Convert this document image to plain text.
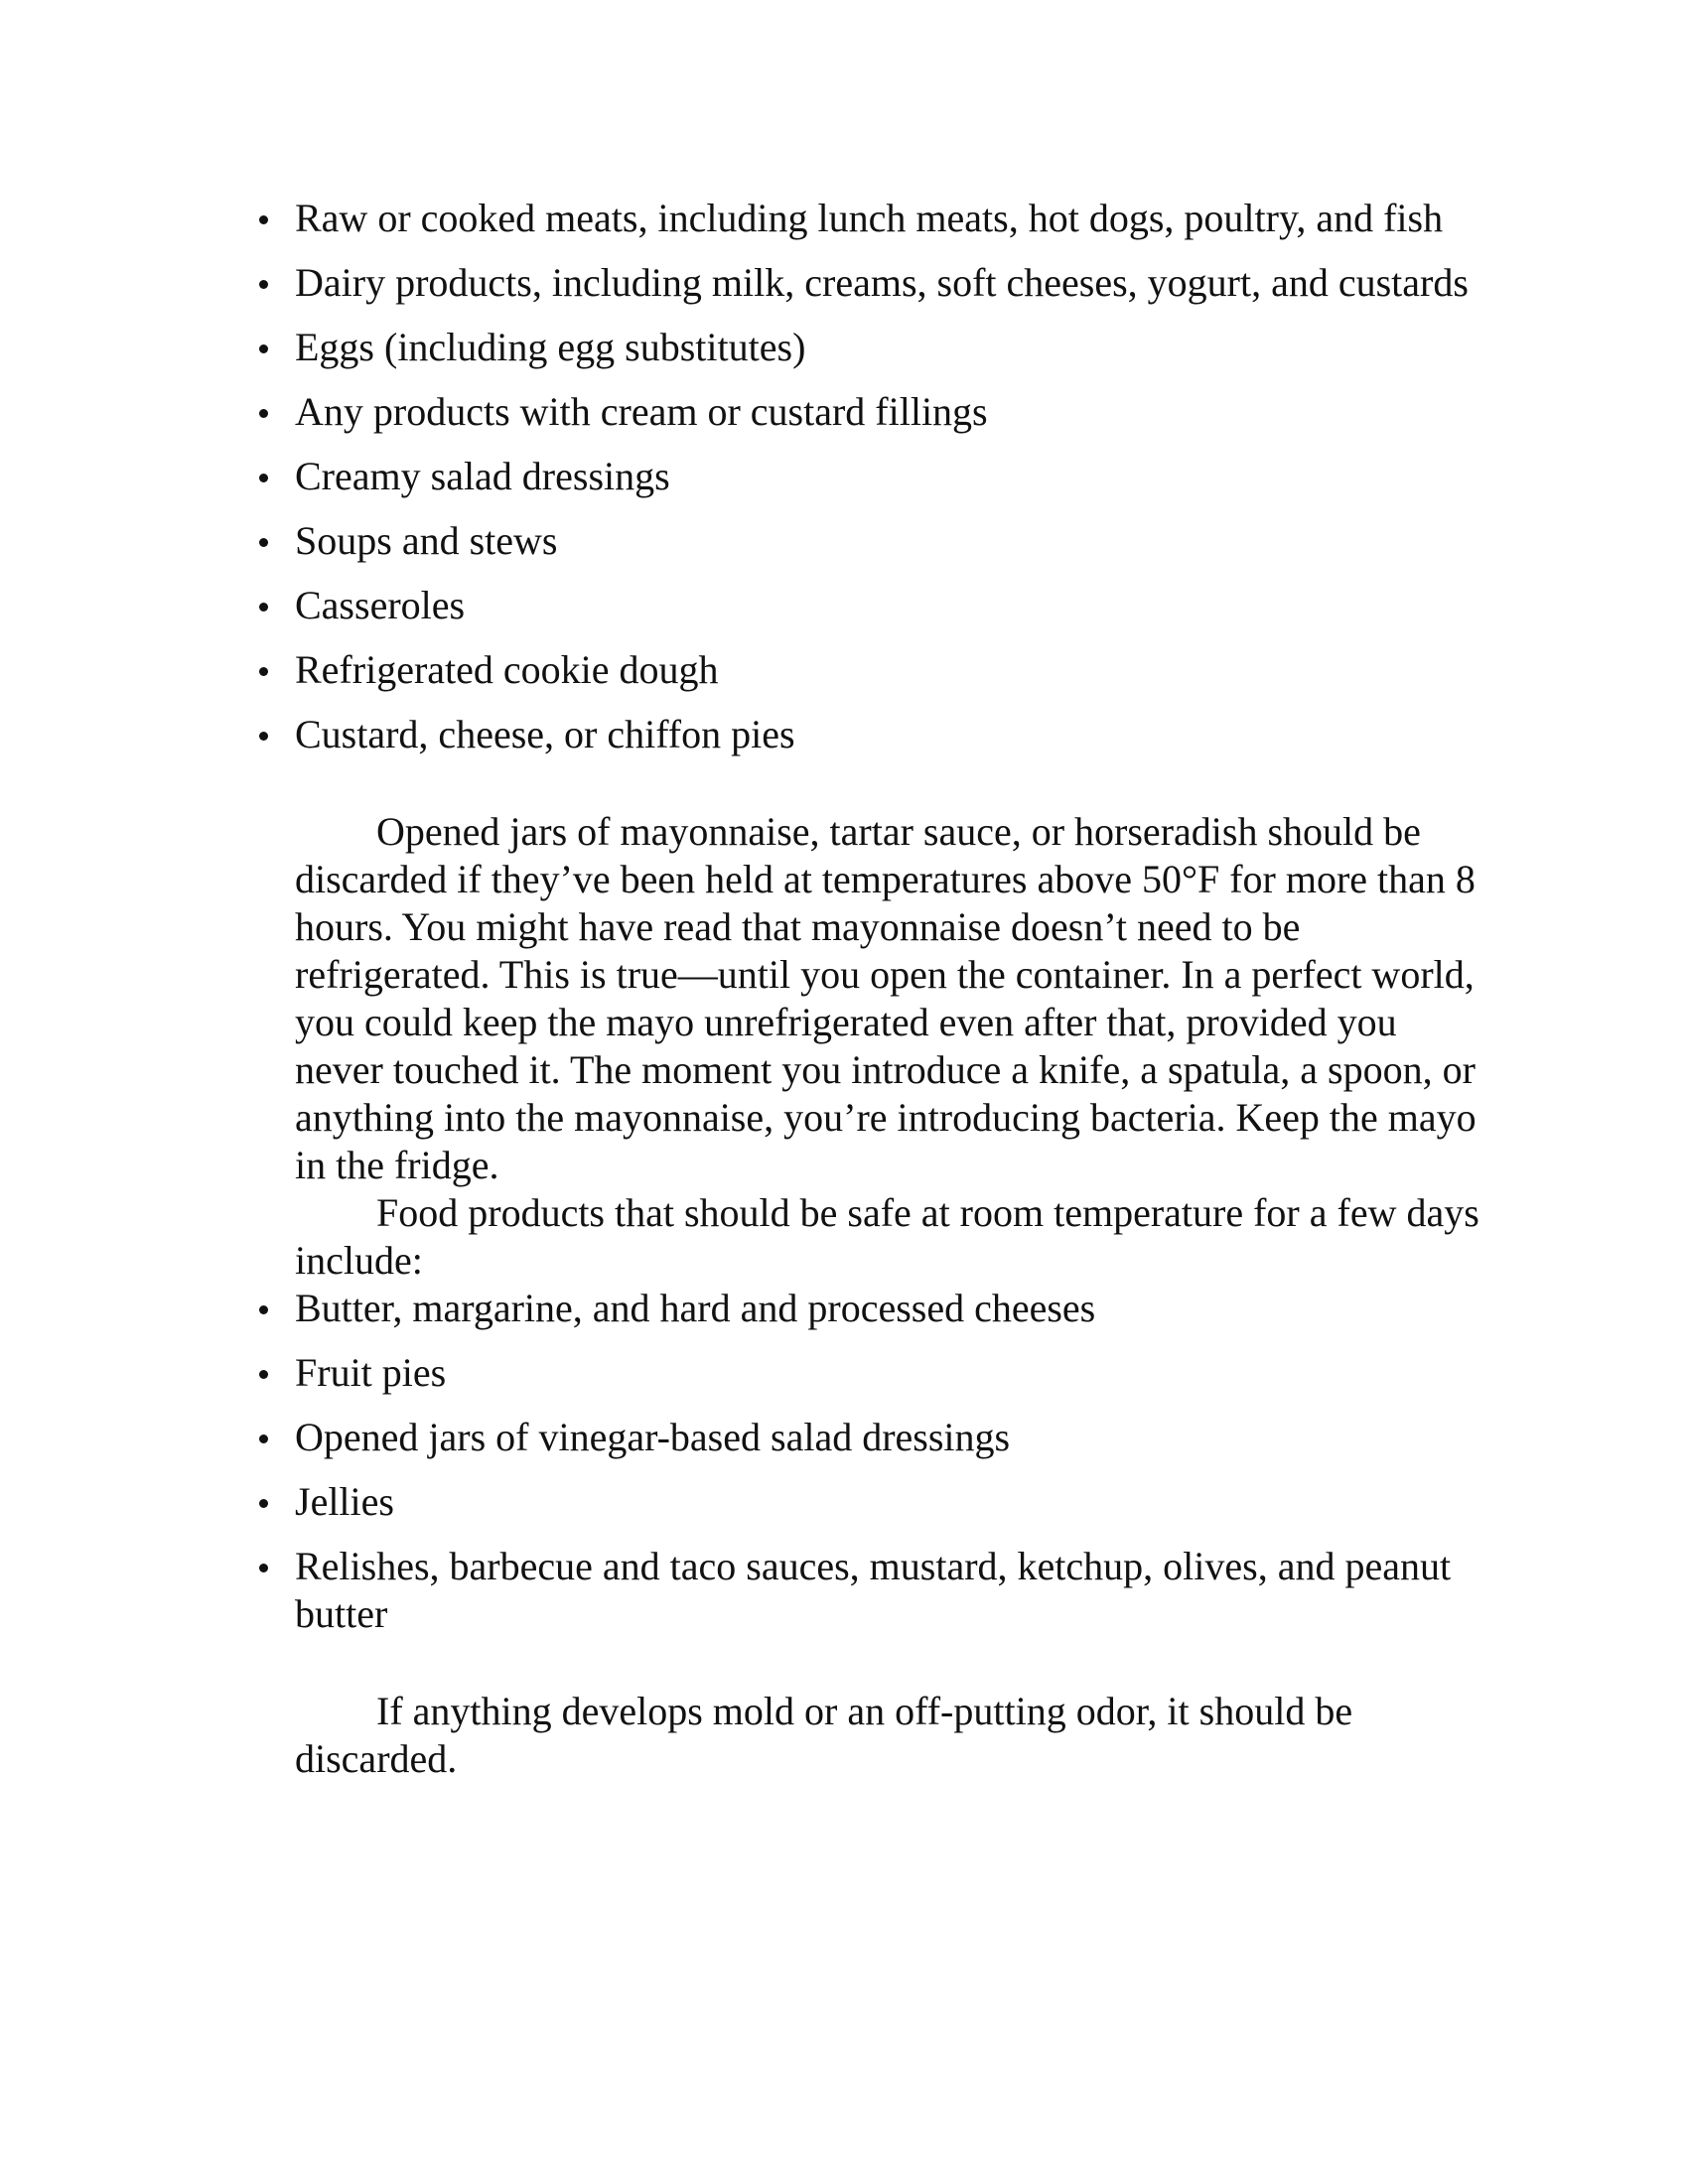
Raw or cooked meats, including lunch meats, hot dogs, poultry, and fish
Dairy products, including milk, creams, soft cheeses, yogurt, and custards
Eggs (including egg substitutes)
Any products with cream or custard fillings
Creamy salad dressings
Soups and stews
Casseroles
Refrigerated cookie dough
Custard, cheese, or chiffon pies

Opened jars of mayonnaise, tartar sauce, or horseradish should be discarded if they’ve been held at temperatures above 50°F for more than 8 hours. You might have read that mayonnaise doesn’t need to be refrigerated. This is true—until you open the container. In a perfect world, you could keep the mayo unrefrigerated even after that, provided you never touched it. The moment you introduce a knife, a spatula, a spoon, or anything into the mayonnaise, you’re introducing bacteria. Keep the mayo in the fridge.

Food products that should be safe at room temperature for a few days include:

Butter, margarine, and hard and processed cheeses
Fruit pies
Opened jars of vinegar-based salad dressings
Jellies
Relishes, barbecue and taco sauces, mustard, ketchup, olives, and peanut butter

If anything develops mold or an off-putting odor, it should be discarded.
